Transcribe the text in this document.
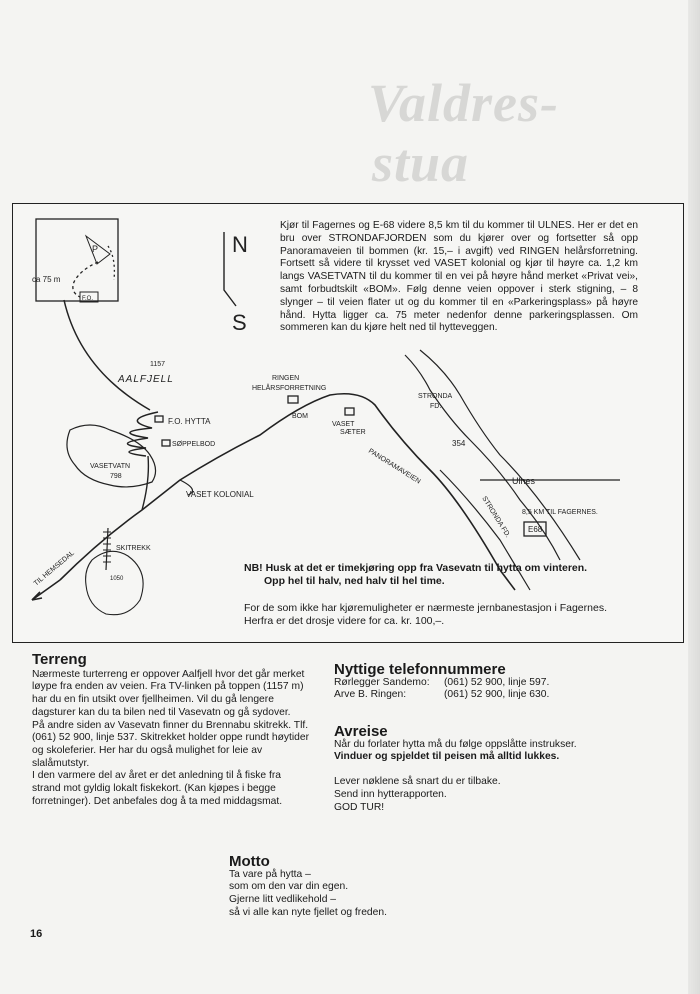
Valdres-
stua
N
S
ca 75 m
P
F.O.
1157
AALFJELL
F.O. HYTTA
SØPPELBOD
VASETVATN
798
RINGEN
HELÅRSFORRETNING
BOM
VASET
SÆTER
PANORAMAVEIEN
VASET KOLONIAL
TIL HEMSEDAL
SKITREKK
1050
STRONDA
FD.
354
Ulnes
8,5 KM TIL FAGERNES.
E68
STRONDA FD.
Kjør til Fagernes og E-68 videre 8,5 km til du kommer til ULNES. Her er det en bru over STRONDAFJORDEN som du kjører over og fortsetter så opp Panoramaveien til bommen (kr. 15,– i avgift) ved RINGEN helårsforretning. Fortsett så videre til krysset ved VASET kolonial og kjør til høyre ca. 1,2 km langs VASETVATN til du kommer til en vei på høyre hånd merket «Privat vei», samt forbudtskilt «BOM». Følg denne veien oppover i sterk stigning, – 8 slynger – til veien flater ut og du kommer til en «Parkeringsplass» på høyre hånd. Hytta ligger ca. 75 meter nedenfor denne parkeringsplassen. Om sommeren kan du kjøre helt ned til hytteveggen.
NB! Husk at det er timekjøring opp fra Vasevatn til hytta om vinteren.
Opp hel til halv, ned halv til hel time.
For de som ikke har kjøremuligheter er nærmeste jernbanestasjon i Fagernes. Herfra er det drosje videre for ca. kr. 100,–.
Terreng
Nærmeste turterreng er oppover Aalfjell hvor det går merket løype fra enden av veien. Fra TV-linken på toppen (1157 m) har du en fin utsikt over fjellheimen. Vil du gå lengere dagsturer kan du ta bilen ned til Vasevatn og gå sydover.
På andre siden av Vasevatn finner du Brennabu skitrekk. Tlf. (061) 52 900, linje 537. Skitrekket holder oppe rundt høytider og skoleferier. Her har du også mulighet for leie av slalåmutstyr.
I den varmere del av året er det anledning til å fiske fra strand mot gyldig lokalt fiskekort. (Kan kjøpes i begge forretninger). Det anbefales dog å ta med middagsmat.
Nyttige telefonnummere
Rørlegger Sandemo:	(061) 52 900, linje 597.
Arve B. Ringen:	(061) 52 900, linje 630.
Avreise
Når du forlater hytta må du følge oppslåtte instrukser.
Vinduer og spjeldet til peisen må alltid lukkes.
Lever nøklene så snart du er tilbake.
Send inn hytterapporten.
GOD TUR!
Motto
Ta vare på hytta –
som om den var din egen.
Gjerne litt vedlikehold –
så vi alle kan nyte fjellet og freden.
16
